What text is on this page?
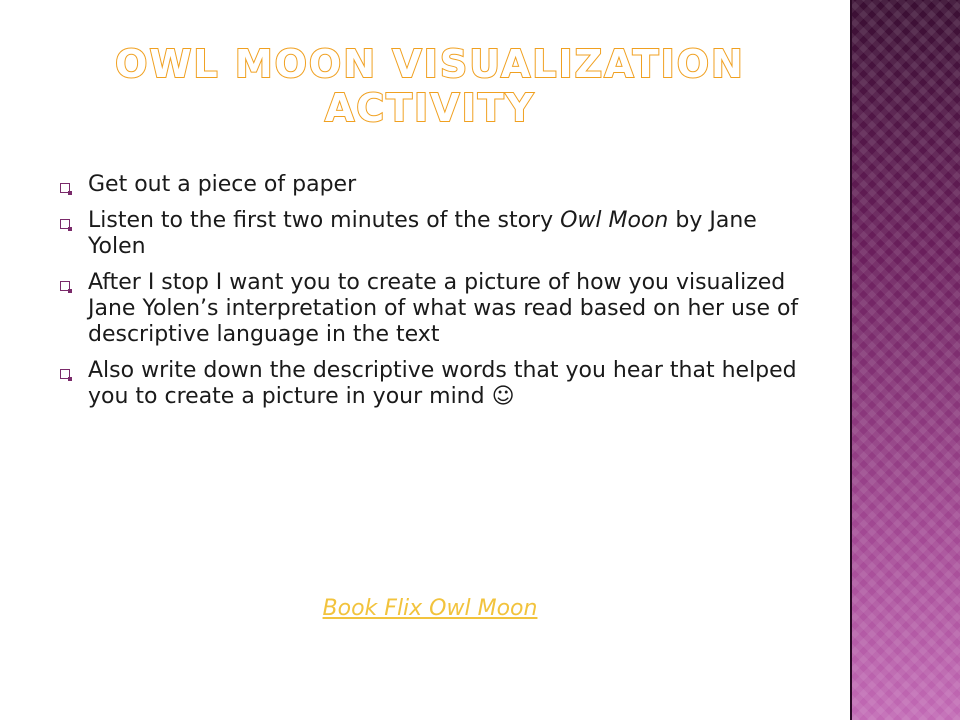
OWL MOON VISUALIZATION ACTIVITY
Get out a piece of paper
Listen to the first two minutes of the story Owl Moon by Jane Yolen
After I stop I want you to create a picture of how you visualized Jane Yolen’s interpretation of what was read based on her use of descriptive language in the text
Also write down the descriptive words that you hear that helped you to create a picture in your mind ☺
Book Flix Owl Moon
